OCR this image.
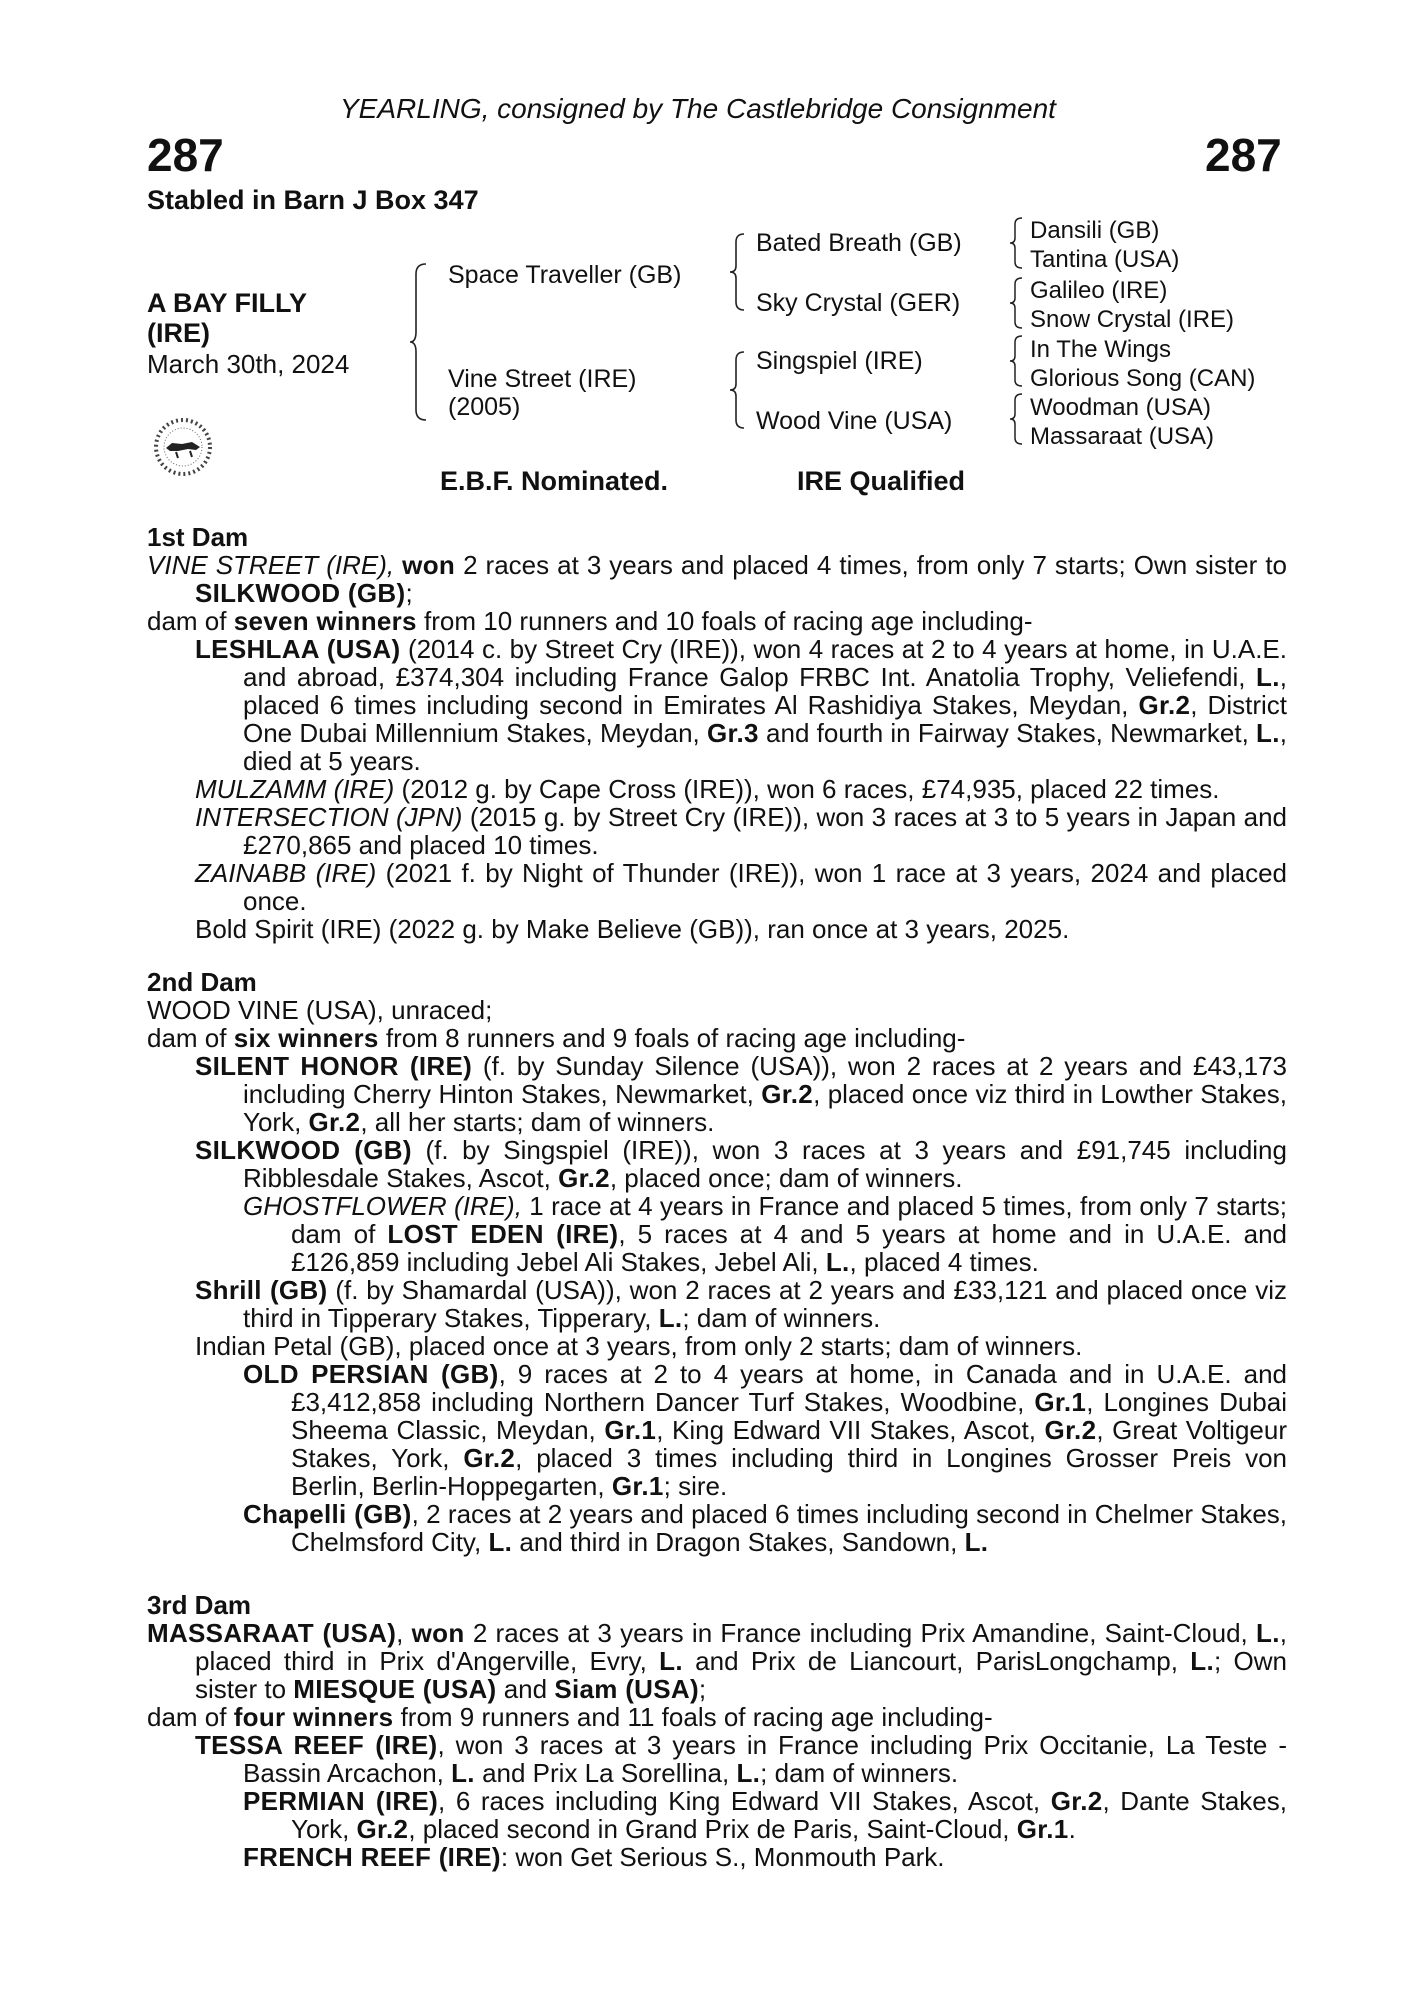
YEARLING, consigned by The Castlebridge Consignment
287	287
Stabled in Barn J Box 347
A BAY FILLY
(IRE)
March 30th, 2024
Space Traveller (GB)
Vine Street (IRE)
(2005)
Bated Breath (GB)
Sky Crystal (GER)
Singspiel (IRE)
Wood Vine (USA)
Dansili (GB)
Tantina (USA)
Galileo (IRE)
Snow Crystal (IRE)
In The Wings
Glorious Song (CAN)
Woodman (USA)
Massaraat (USA)
E.B.F. Nominated.	IRE Qualified

1st Dam

VINE STREET (IRE), won 2 races at 3 years and placed 4 times, from only 7 starts; Own sister to SILKWOOD (GB);

dam of seven winners from 10 runners and 10 foals of racing age including-

LESHLAA (USA) (2014 c. by Street Cry (IRE)), won 4 races at 2 to 4 years at home, in U.A.E. and abroad, £374,304 including France Galop FRBC Int. Anatolia Trophy, Veliefendi, L., placed 6 times including second in Emirates Al Rashidiya Stakes, Meydan, Gr.2, District One Dubai Millennium Stakes, Meydan, Gr.3 and fourth in Fairway Stakes, Newmarket, L., died at 5 years.

MULZAMM (IRE) (2012 g. by Cape Cross (IRE)), won 6 races, £74,935, placed 22 times.

INTERSECTION (JPN) (2015 g. by Street Cry (IRE)), won 3 races at 3 to 5 years in Japan and £270,865 and placed 10 times.

ZAINABB (IRE) (2021 f. by Night of Thunder (IRE)), won 1 race at 3 years, 2024 and placed once.

Bold Spirit (IRE) (2022 g. by Make Believe (GB)), ran once at 3 years, 2025.

2nd Dam

WOOD VINE (USA), unraced;

dam of six winners from 8 runners and 9 foals of racing age including-

SILENT HONOR (IRE) (f. by Sunday Silence (USA)), won 2 races at 2 years and £43,173 including Cherry Hinton Stakes, Newmarket, Gr.2, placed once viz third in Lowther Stakes, York, Gr.2, all her starts; dam of winners.

SILKWOOD (GB) (f. by Singspiel (IRE)), won 3 races at 3 years and £91,745 including Ribblesdale Stakes, Ascot, Gr.2, placed once; dam of winners.

GHOSTFLOWER (IRE), 1 race at 4 years in France and placed 5 times, from only 7 starts; dam of LOST EDEN (IRE), 5 races at 4 and 5 years at home and in U.A.E. and £126,859 including Jebel Ali Stakes, Jebel Ali, L., placed 4 times.

Shrill (GB) (f. by Shamardal (USA)), won 2 races at 2 years and £33,121 and placed once viz third in Tipperary Stakes, Tipperary, L.; dam of winners.

Indian Petal (GB), placed once at 3 years, from only 2 starts; dam of winners.

OLD PERSIAN (GB), 9 races at 2 to 4 years at home, in Canada and in U.A.E. and £3,412,858 including Northern Dancer Turf Stakes, Woodbine, Gr.1, Longines Dubai Sheema Classic, Meydan, Gr.1, King Edward VII Stakes, Ascot, Gr.2, Great Voltigeur Stakes, York, Gr.2, placed 3 times including third in Longines Grosser Preis von Berlin, Berlin-Hoppegarten, Gr.1; sire.

Chapelli (GB), 2 races at 2 years and placed 6 times including second in Chelmer Stakes, Chelmsford City, L. and third in Dragon Stakes, Sandown, L.

3rd Dam

MASSARAAT (USA), won 2 races at 3 years in France including Prix Amandine, Saint-Cloud, L., placed third in Prix d'Angerville, Evry, L. and Prix de Liancourt, ParisLongchamp, L.; Own sister to MIESQUE (USA) and Siam (USA);

dam of four winners from 9 runners and 11 foals of racing age including-

TESSA REEF (IRE), won 3 races at 3 years in France including Prix Occitanie, La Teste - Bassin Arcachon, L. and Prix La Sorellina, L.; dam of winners.

PERMIAN (IRE), 6 races including King Edward VII Stakes, Ascot, Gr.2, Dante Stakes, York, Gr.2, placed second in Grand Prix de Paris, Saint-Cloud, Gr.1.

FRENCH REEF (IRE): won Get Serious S., Monmouth Park.
